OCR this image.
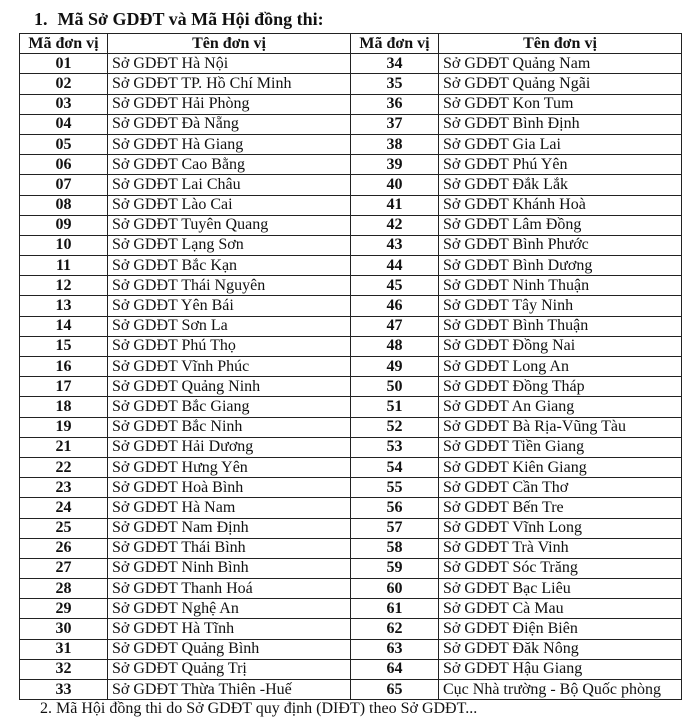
1. Mã Sở GDĐT và Mã Hội đồng thi:
Mã đơn vị	Tên đơn vị	Mã đơn vị	Tên đơn vị
01	Sở GDĐT Hà Nội	34	Sở GDĐT Quảng Nam
02	Sở GDĐT TP. Hồ Chí Minh	35	Sở GDĐT Quảng Ngãi
03	Sở GDĐT Hải Phòng	36	Sở GDĐT Kon Tum
04	Sở GDĐT Đà Nẵng	37	Sở GDĐT Bình Định
05	Sở GDĐT Hà Giang	38	Sở GDĐT Gia Lai
06	Sở GDĐT Cao Bằng	39	Sở GDĐT Phú Yên
07	Sở GDĐT Lai Châu	40	Sở GDĐT Đắk Lắk
08	Sở GDĐT Lào Cai	41	Sở GDĐT Khánh Hoà
09	Sở GDĐT Tuyên Quang	42	Sở GDĐT Lâm Đồng
10	Sở GDĐT Lạng Sơn	43	Sở GDĐT Bình Phước
11	Sở GDĐT Bắc Kạn	44	Sở GDĐT Bình Dương
12	Sở GDĐT Thái Nguyên	45	Sở GDĐT Ninh Thuận
13	Sở GDĐT Yên Bái	46	Sở GDĐT Tây Ninh
14	Sở GDĐT Sơn La	47	Sở GDĐT Bình Thuận
15	Sở GDĐT Phú Thọ	48	Sở GDĐT Đồng Nai
16	Sở GDĐT Vĩnh Phúc	49	Sở GDĐT Long An
17	Sở GDĐT Quảng Ninh	50	Sở GDĐT Đồng Tháp
18	Sở GDĐT Bắc Giang	51	Sở GDĐT An Giang
19	Sở GDĐT Bắc Ninh	52	Sở GDĐT Bà Rịa-Vũng Tàu
21	Sở GDĐT Hải Dương	53	Sở GDĐT Tiền Giang
22	Sở GDĐT Hưng Yên	54	Sở GDĐT Kiên Giang
23	Sở GDĐT Hoà Bình	55	Sở GDĐT Cần Thơ
24	Sở GDĐT Hà Nam	56	Sở GDĐT Bến Tre
25	Sở GDĐT Nam Định	57	Sở GDĐT Vĩnh Long
26	Sở GDĐT Thái Bình	58	Sở GDĐT Trà Vinh
27	Sở GDĐT Ninh Bình	59	Sở GDĐT Sóc Trăng
28	Sở GDĐT Thanh Hoá	60	Sở GDĐT Bạc Liêu
29	Sở GDĐT Nghệ An	61	Sở GDĐT Cà Mau
30	Sở GDĐT Hà Tĩnh	62	Sở GDĐT Điện Biên
31	Sở GDĐT Quảng Bình	63	Sở GDĐT Đăk Nông
32	Sở GDĐT Quảng Trị	64	Sở GDĐT Hậu Giang
33	Sở GDĐT Thừa Thiên -Huế	65	Cục Nhà trường - Bộ Quốc phòng
2. Mã Hội đồng thi do Sở GDĐT quy định (DIĐT) theo Sở GDĐT...
